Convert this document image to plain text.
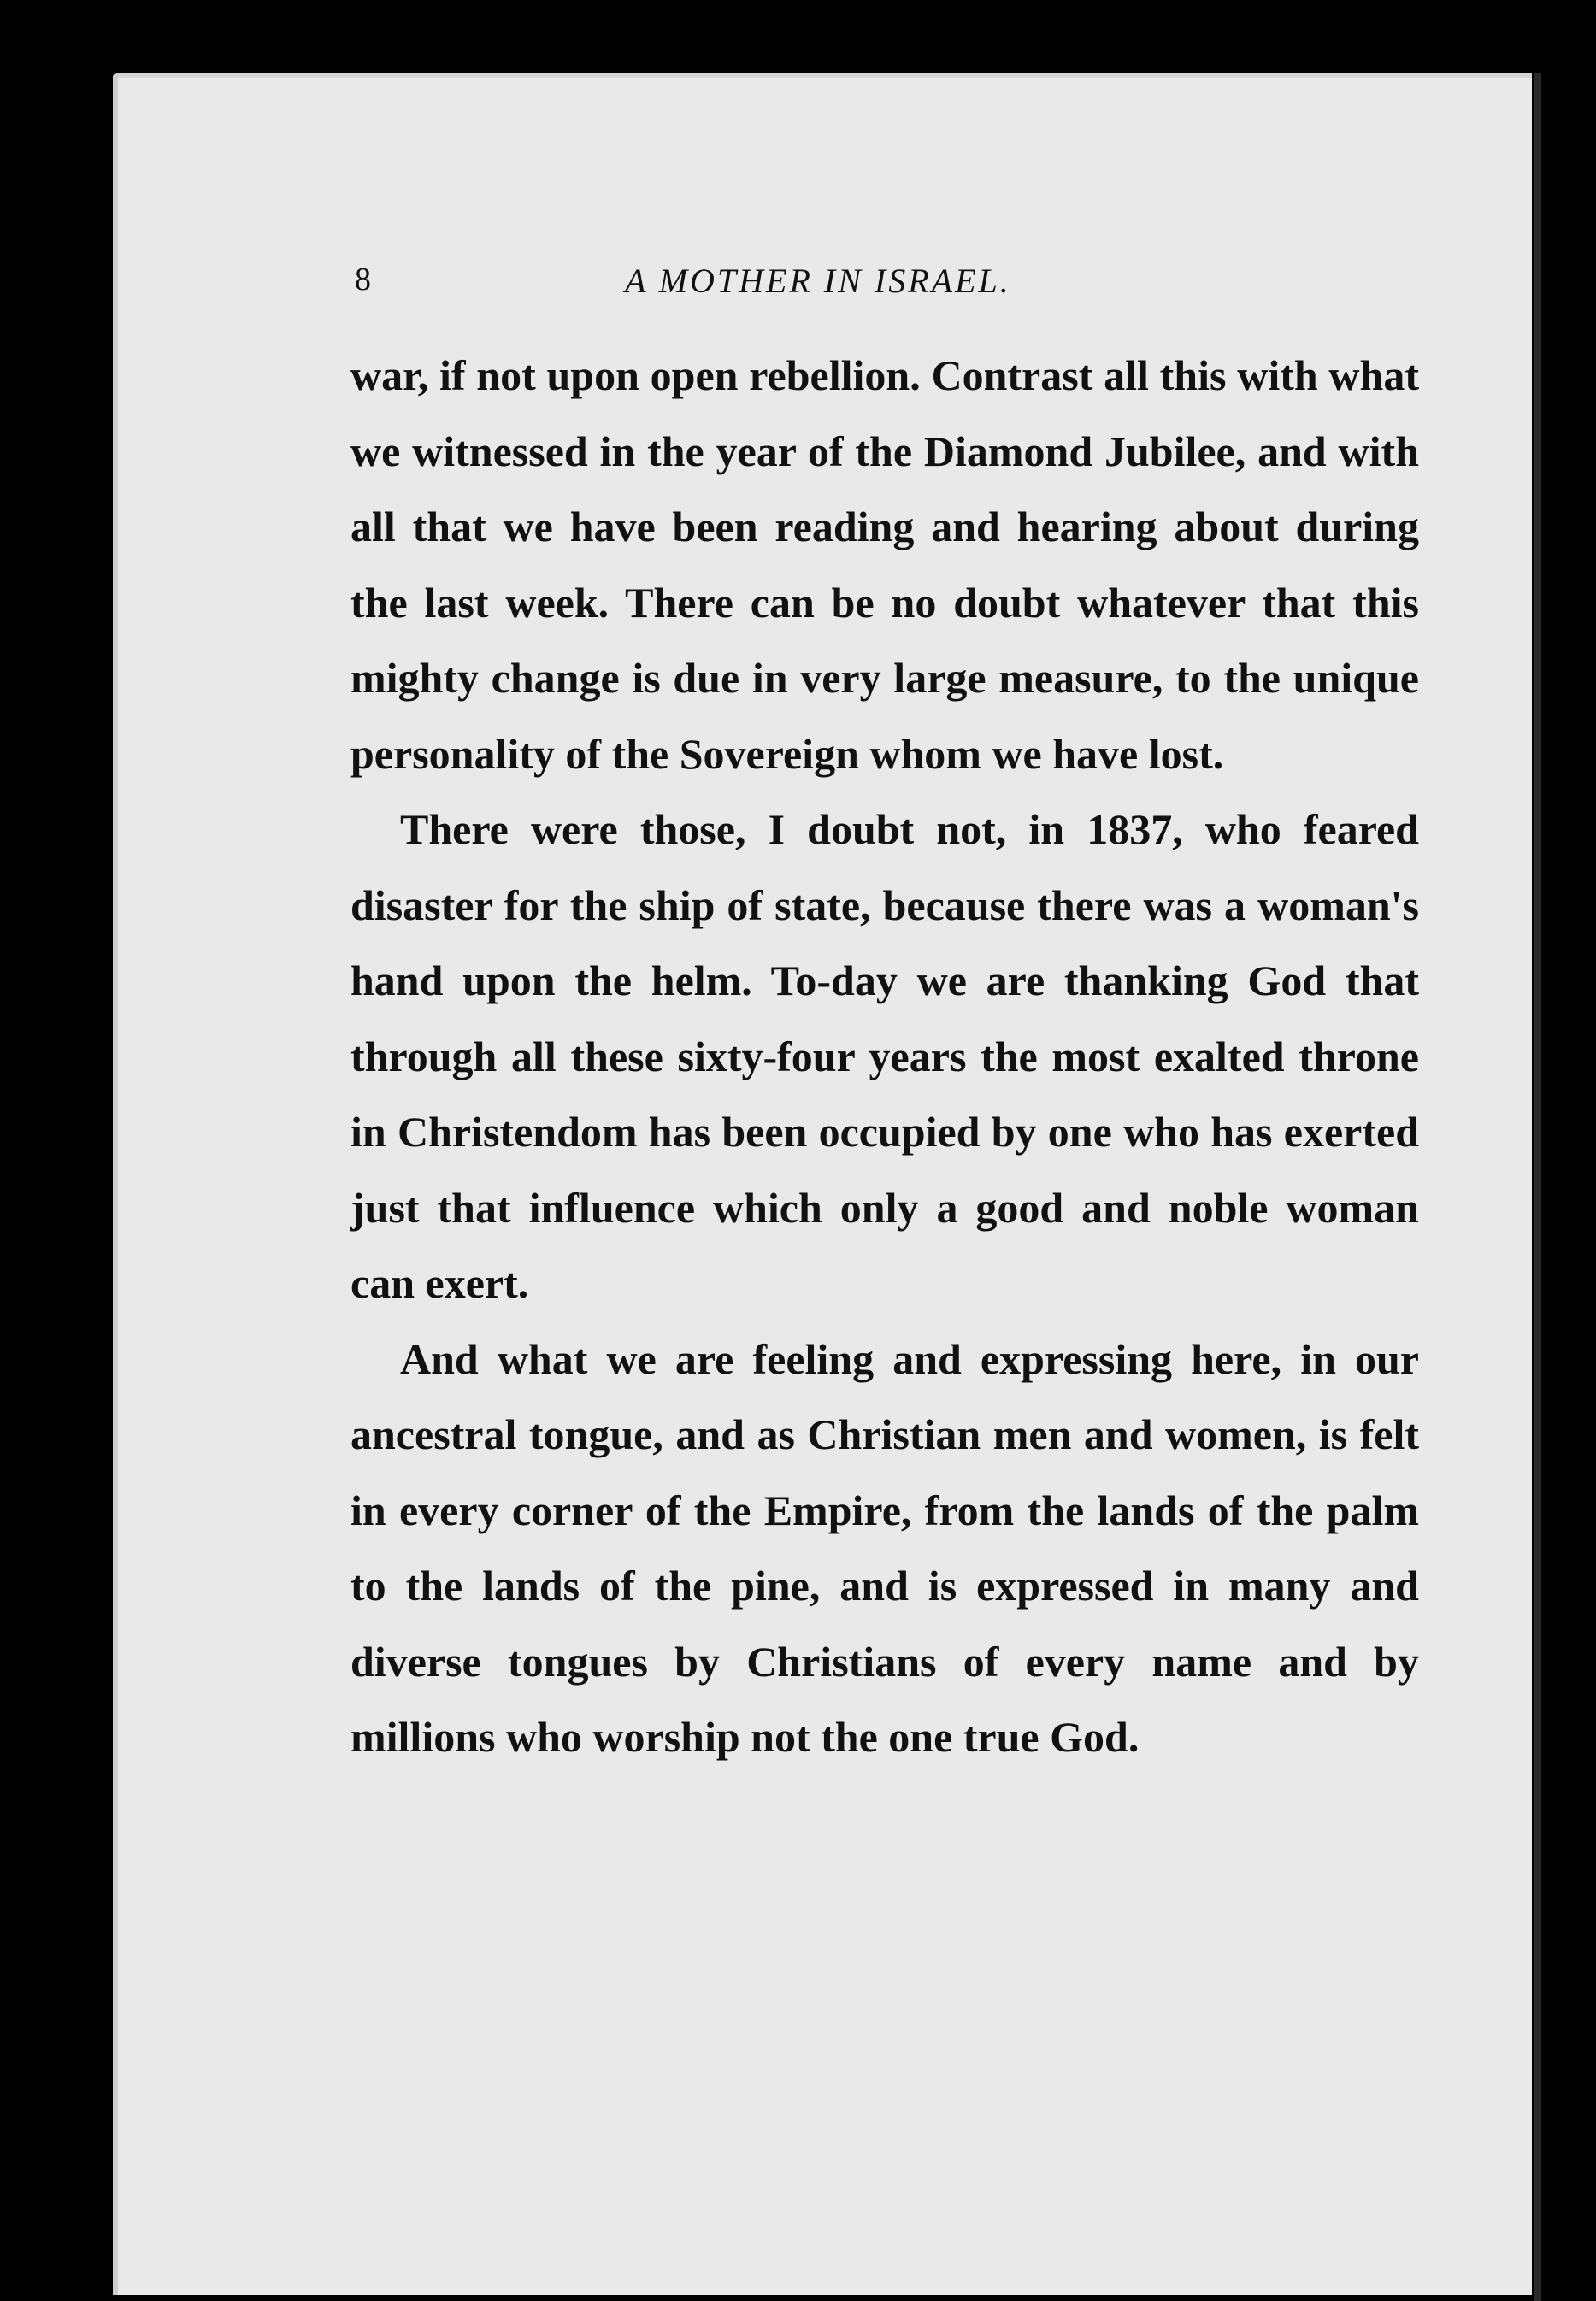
8	A MOTHER IN ISRAEL.

war, if not upon open rebellion. Contrast all this with what we witnessed in the year of the Diamond Jubilee, and with all that we have been reading and hearing about during the last week. There can be no doubt whatever that this mighty change is due in very large measure, to the unique personality of the Sovereign whom we have lost.

There were those, I doubt not, in 1837, who feared disaster for the ship of state, because there was a woman's hand upon the helm. To-day we are thanking God that through all these sixty-four years the most exalted throne in Christendom has been occupied by one who has exerted just that influence which only a good and noble woman can exert.

And what we are feeling and expressing here, in our ancestral tongue, and as Christian men and women, is felt in every corner of the Empire, from the lands of the palm to the lands of the pine, and is expressed in many and diverse tongues by Christians of every name and by millions who worship not the one true God.
